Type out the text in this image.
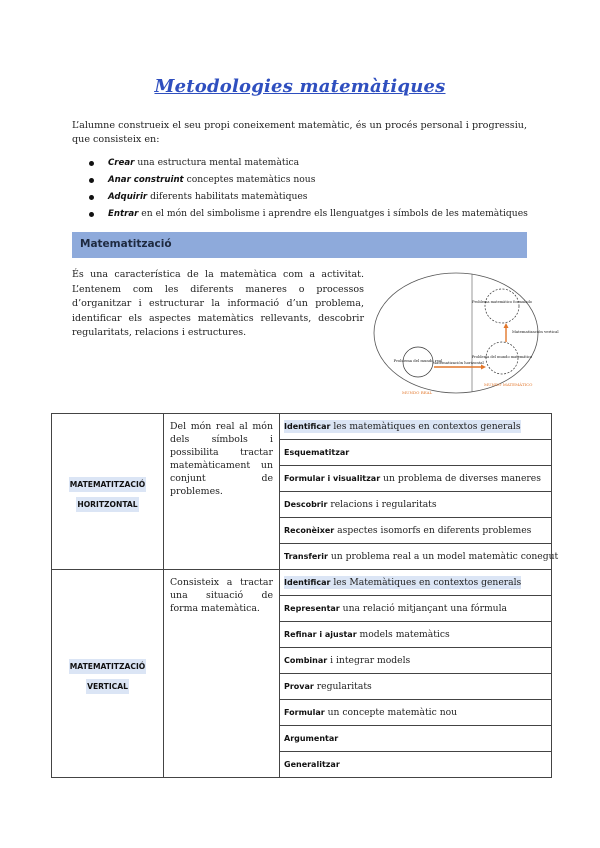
Metodologies matemàtiques
L’alumne construeix el seu propi coneixement matemàtic, és un procés personal i progressiu, que consisteix en:
Crear una estructura mental matemàtica
Anar construint conceptes matemàtics nous
Adquirir diferents habilitats matemàtiques
Entrar en el món del simbolisme i aprendre els llenguatges i símbols de les matemàtiques
Matematització
És una característica de la matemàtica com a activitat. L’entenem com les diferents maneres o processos d’organitzar i estructurar la informació d’un problema, identificar els aspectes matemàtics rellevants, descobrir regularitats, relacions i estructures.
Problema matemàtico formulado
Problema del mundo matemático
Problema del mundo real
Matematización horizontal
Matematización vertical
MUNDO REAL
MUNDO MATEMÁTICO
MATEMATITZACIÓ
HORITZONTAL	Del món real al món dels símbols i possibilita tractar matemàticament un conjunt de problemes.	Identificar les matemàtiques en contextos generals
		Esquematitzar
		Formular i visualitzar un problema de diverses maneres
		Descobrir relacions i regularitats
		Reconèixer aspectes isomorfs en diferents problemes
		Transferir un problema real a un model matemàtic conegut
MATEMATITZACIÓ
VERTICAL	Consisteix a tractar una situació de forma matemàtica.	Identificar les Matemàtiques en contextos generals
		Representar una relació mitjançant una fórmula
		Refinar i ajustar models matemàtics
		Combinar i integrar models
		Provar regularitats
		Formular un concepte matemàtic nou
		Argumentar
		Generalitzar
